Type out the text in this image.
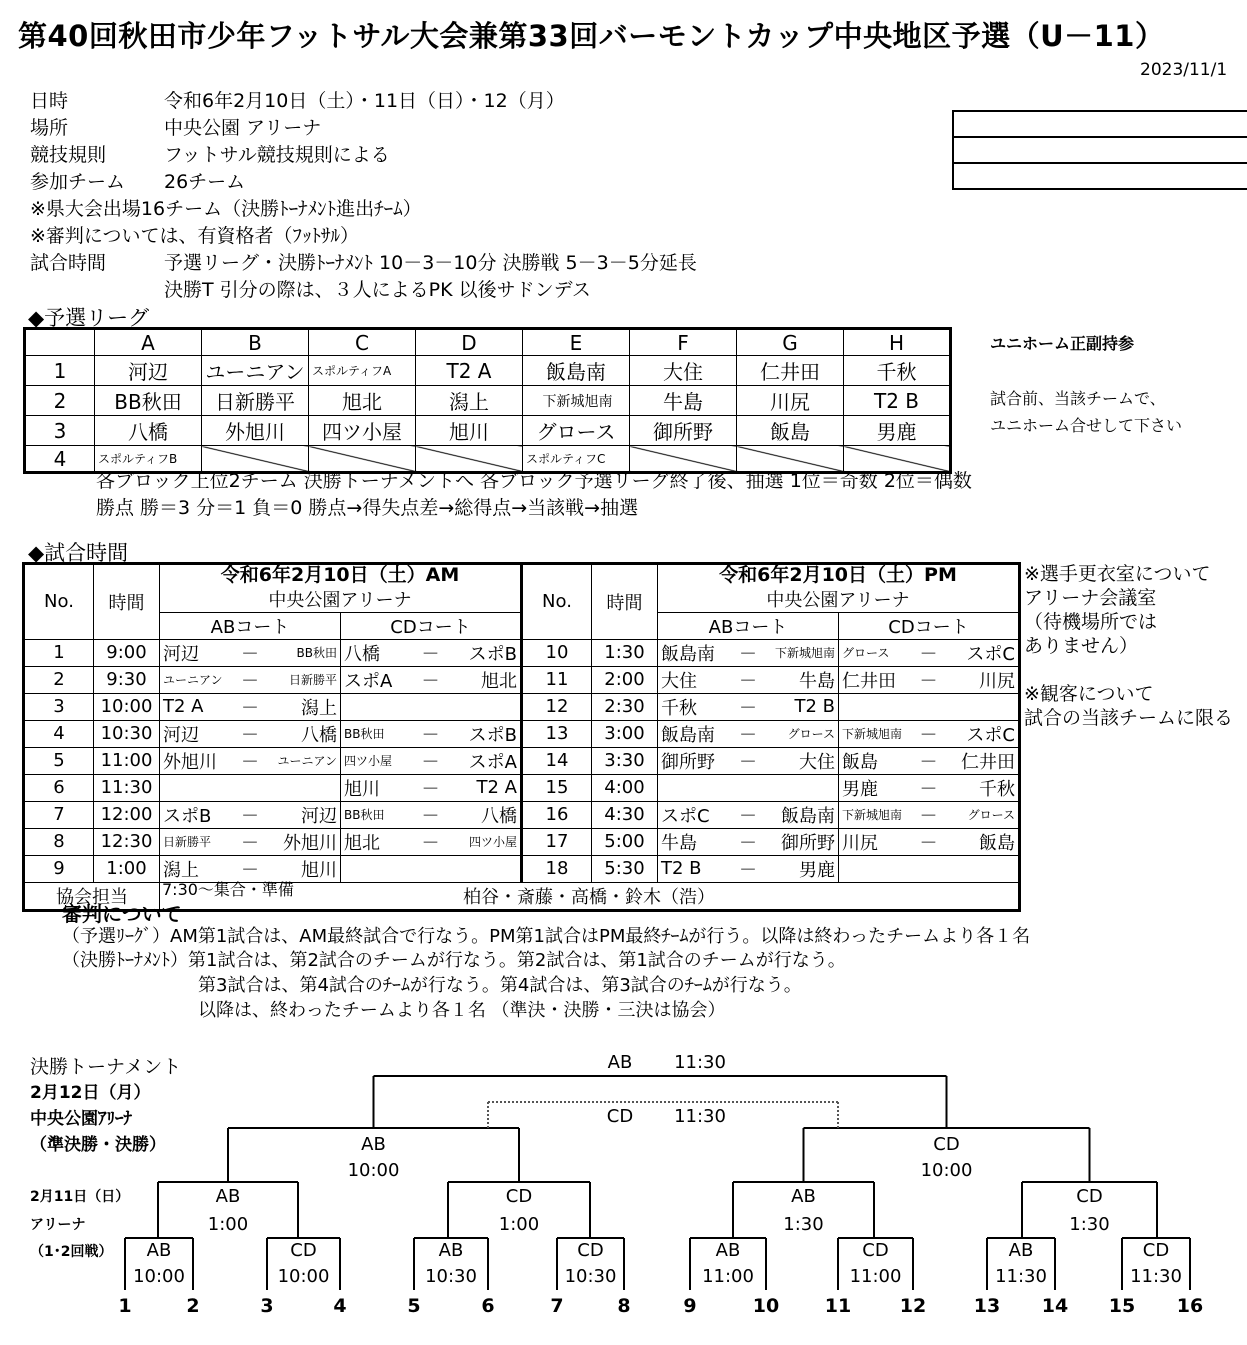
第40回秋田市少年フットサル大会兼第33回バーモントカップ中央地区予選（U－11）
2023/11/1
日時	令和6年2月10日（土）・11日（日）・12（月）
場所	中央公園 アリーナ
競技規則	フットサル競技規則による
参加チーム 26チーム
※県大会出場16チーム（決勝ﾄｰﾅﾒﾝﾄ進出ﾁｰﾑ）
※審判については、有資格者（ﾌｯﾄｻﾙ）
試合時間	予選リーグ・決勝ﾄｰﾅﾒﾝﾄ 10－3－10分 決勝戦 5－3－5分延長
決勝T 引分の際は、３人によるPK 以後サドンデス
◆予選リーグ
	A	B	C	D	E	F	G	H
1	河辺	ユーニアン	スポルティフA	T2 A	飯島南	大住	仁井田	千秋
2	BB秋田	日新勝平	旭北	潟上	下新城旭南	牛島	川尻	T2 B
3	八橋	外旭川	四ツ小屋	旭川	グロース	御所野	飯島	男鹿
4	スポルティフB				スポルティフC			
ユニホーム正副持参
試合前、当該チームで、
ユニホーム合せして下さい
各ブロック上位2チーム 決勝トーナメントへ 各ブロック予選リーグ終了後、抽選 1位＝奇数 2位＝偶数
勝点 勝＝3 分＝1 負＝0 勝点→得失点差→総得点→当該戦→抽選
◆試合時間
No.	時間	令和6年2月10日（土）AM		No.	時間	令和6年2月10日（土）PM	
		中央公園アリーナ				中央公園アリーナ	
		ABコート	CDコート			ABコート	CDコート
1	9:00	河辺 － BB秋田	八橋 － スポB	10	1:30	飯島南 － 下新城旭南	グロース － スポC

2	9:30	ユーニアン － 日新勝平	スポA － 旭北	11	2:00	大住 － 牛島	仁井田 － 川尻

3	10:00	T2 A － 潟上		12	2:30	千秋 － T2 B	

4	10:30	河辺 － 八橋	BB秋田 － スポB	13	3:00	飯島南 － グロース	下新城旭南 － スポC

5	11:00	外旭川 － ユーニアン	四ツ小屋 － スポA	14	3:30	御所野 － 大住	飯島 － 仁井田

6	11:30		旭川 － T2 A	15	4:00		男鹿 － 千秋

7	12:00	スポB － 河辺	BB秋田 － 八橋	16	4:30	スポC － 飯島南	下新城旭南 － グロース

8	12:30	日新勝平 － 外旭川	旭北 － 四ツ小屋	17	5:00	牛島 － 御所野	川尻 － 飯島

9	1:00	潟上 － 旭川		18	5:30	T2 B － 男鹿	

協会担当		柏谷・斎藤・高橋・鈴木（浩）					
7:30～集合・準備
※選手更衣室について
アリーナ会議室
（待機場所では
ありません）
※観客について
試合の当該チームに限る
審判について
（予選ﾘｰｸﾞ）AM第1試合は、AM最終試合で行なう。PM第1試合はPM最終ﾁｰﾑが行う。以降は終わったチームより各１名
（決勝ﾄｰﾅﾒﾝﾄ）第1試合は、第2試合のチームが行なう。第2試合は、第1試合のチームが行なう。
第3試合は、第4試合のﾁｰﾑが行なう。第4試合は、第3試合のﾁｰﾑが行なう。
以降は、終わったチームより各１名 （準決・決勝・三決は協会）
決勝トーナメント
2月12日（月）
中央公園ｱﾘｰﾅ
（準決勝・決勝）
2月11日（日）
アリーナ
（1･2回戦） AB
10:00
CD
10:00
AB
10:30
CD
10:30
AB
11:00
CD
11:00
AB
11:30
CD
11:30
AB
1:00
CD
1:00
AB
1:30
CD
1:30
AB
10:00
CD
10:00
AB 11:30
CD 11:30
1	2	3	4	5	6	7	8	9	10 11	12	13 14 15 16
